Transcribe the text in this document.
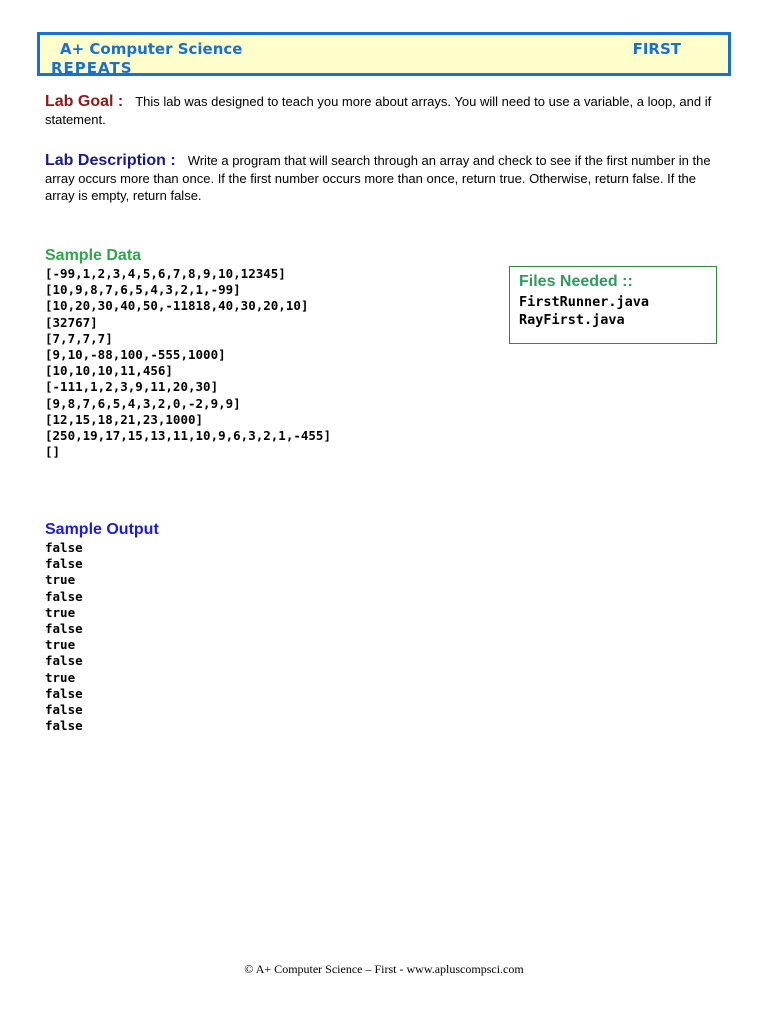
A+ Computer Science	FIRST
REPEATS
Lab Goal : This lab was designed to teach you more about arrays. You will need to use a variable, a loop, and if statement.
Lab Description : Write a program that will search through an array and check to see if the first number in the array occurs more than once. If the first number occurs more than once, return true. Otherwise, return false. If the array is empty, return false.
Sample Data
[-99,1,2,3,4,5,6,7,8,9,10,12345]
[10,9,8,7,6,5,4,3,2,1,-99]
[10,20,30,40,50,-11818,40,30,20,10]
[32767]
[7,7,7,7]
[9,10,-88,100,-555,1000]
[10,10,10,11,456]
[-111,1,2,3,9,11,20,30]
[9,8,7,6,5,4,3,2,0,-2,9,9]
[12,15,18,21,23,1000]
[250,19,17,15,13,11,10,9,6,3,2,1,-455]
[]
Files Needed ::
FirstRunner.java
RayFirst.java
Sample Output
false
false
true
false
true
false
true
false
true
false
false
false
© A+ Computer Science – First - www.apluscompsci.com
